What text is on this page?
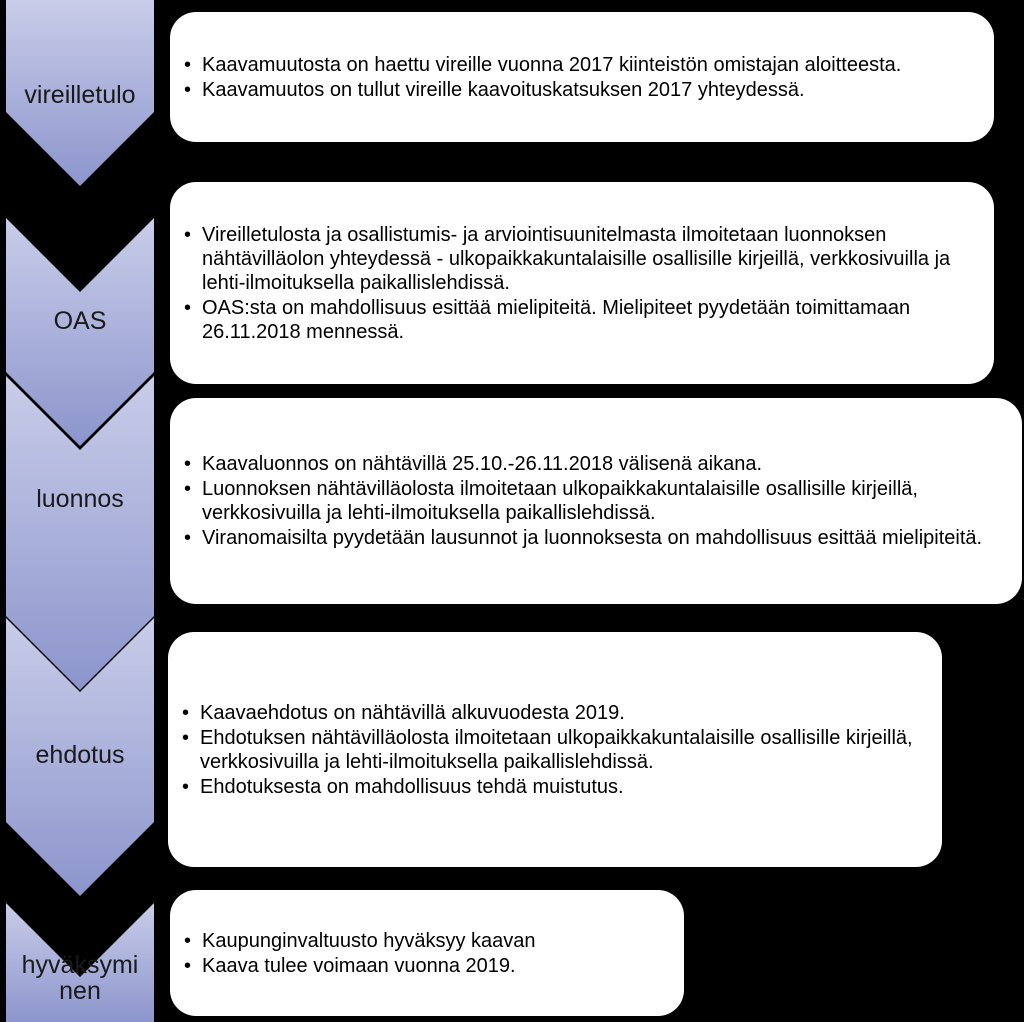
vireilletulo
OAS
luonnos
ehdotus
hyväksymi
nen
• Kaavamuutosta on haettu vireille vuonna 2017 kiinteistön omistajan aloitteesta.
• Kaavamuutos on tullut vireille kaavoituskatsuksen 2017 yhteydessä.
• Vireilletulosta ja osallistumis- ja arviointisuunitelmasta ilmoitetaan luonnoksen nähtävilläolon yhteydessä - ulkopaikkakuntalaisille osallisille kirjeillä, verkkosivuilla ja lehti-ilmoituksella paikallislehdissä.
• OAS:sta on mahdollisuus esittää mielipiteitä. Mielipiteet pyydetään toimittamaan 26.11.2018 mennessä.
• Kaavaluonnos on nähtävillä 25.10.-26.11.2018 välisenä aikana.
• Luonnoksen nähtävilläolosta ilmoitetaan ulkopaikkakuntalaisille osallisille kirjeillä, verkkosivuilla ja lehti-ilmoituksella paikallislehdissä.
• Viranomaisilta pyydetään lausunnot ja luonnoksesta on mahdollisuus esittää mielipiteitä.
• Kaavaehdotus on nähtävillä alkuvuodesta 2019.
• Ehdotuksen nähtävilläolosta ilmoitetaan ulkopaikkakuntalaisille osallisille kirjeillä, verkkosivuilla ja lehti-ilmoituksella paikallislehdissä.
• Ehdotuksesta on mahdollisuus tehdä muistutus.
• Kaupunginvaltuusto hyväksyy kaavan
• Kaava tulee voimaan vuonna 2019.
